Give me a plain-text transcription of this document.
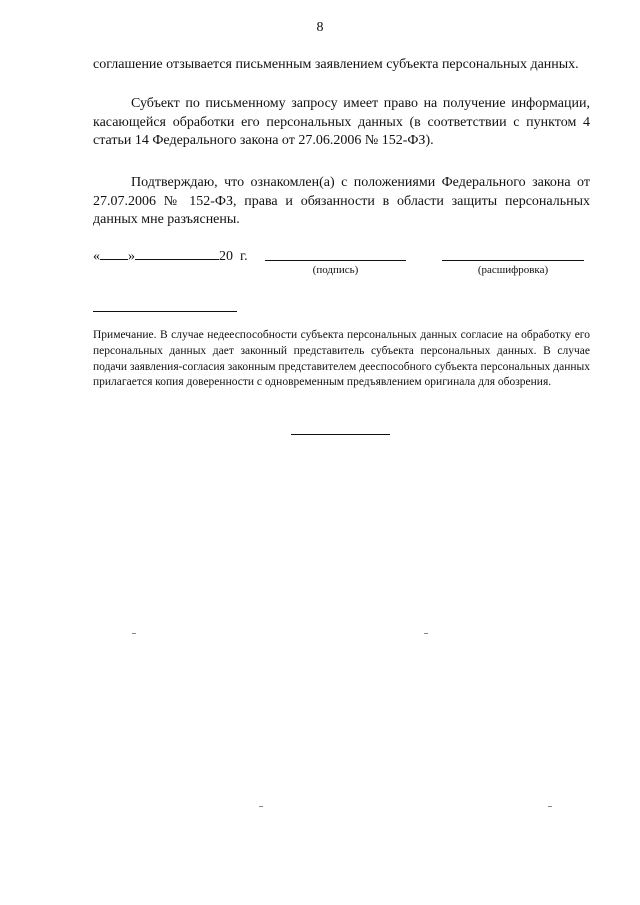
8
соглашение отзывается письменным заявлением субъекта персональных данных.
Субъект по письменному запросу имеет право на получение информации, касающейся обработки его персональных данных (в соответствии с пунктом 4 статьи 14 Федерального закона от 27.06.2006 № 152-ФЗ).
Подтверждаю, что ознакомлен(а) с положениями Федерального закона от 27.07.2006 № 152-ФЗ, права и обязанности в области защиты персональных данных мне разъяснены.
« »	20 г.
(подпись)	(расшифровка)
Примечание. В случае недееспособности субъекта персональных данных согласие на обработку его персональных данных дает законный представитель субъекта персональных данных. В случае подачи заявления-согласия законным представителем дееспособного субъекта персональных данных прилагается копия доверенности с одновременным предъявлением оригинала для обозрения.
